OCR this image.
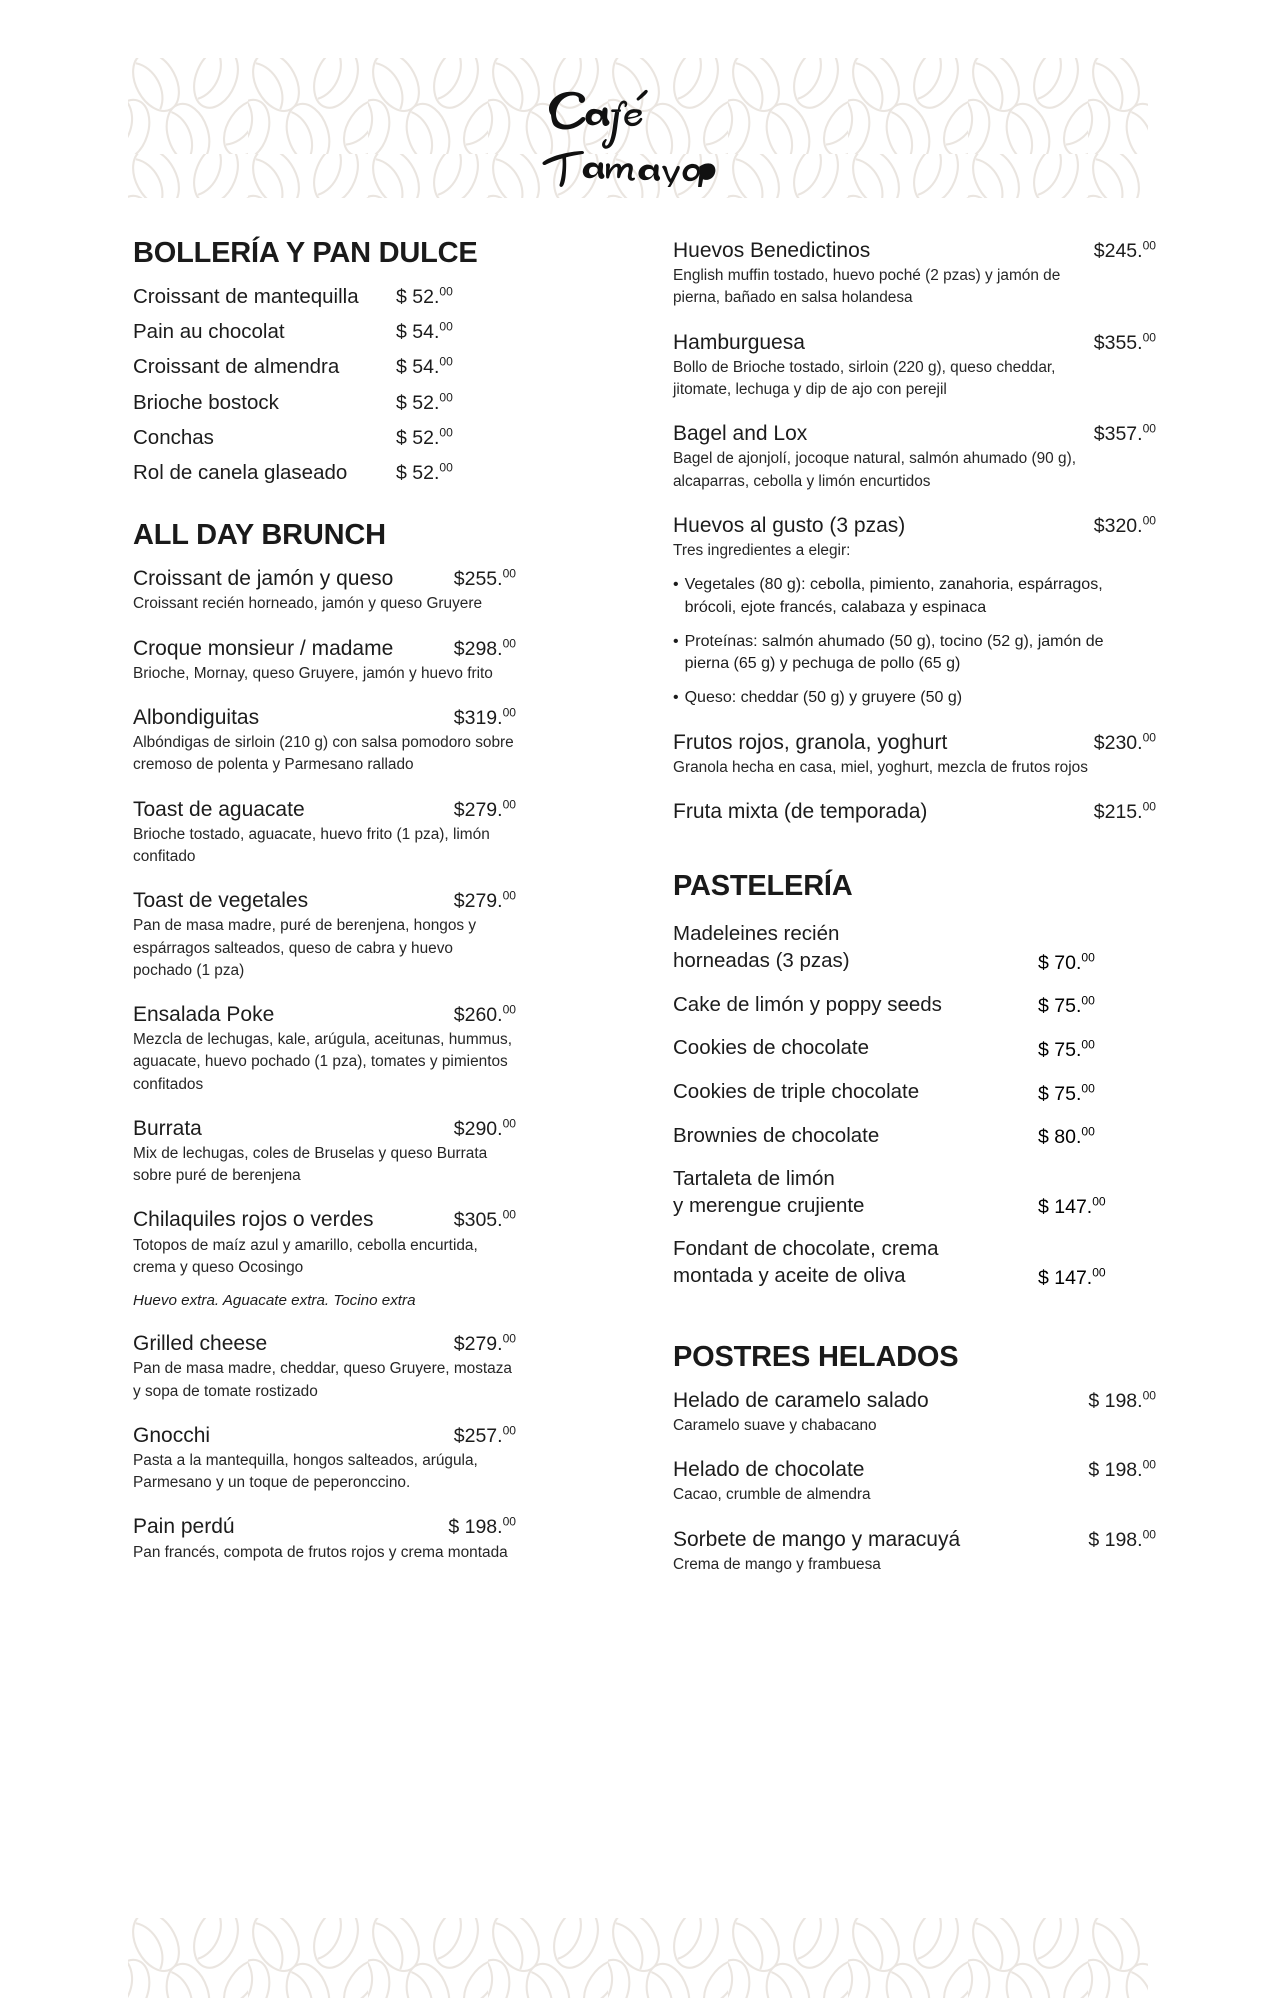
BOLLERÍA Y PAN DULCE
Croissant de mantequilla	$ 52.00
Pain au chocolat	$ 54.00
Croissant de almendra	$ 54.00
Brioche bostock	$ 52.00
Conchas	$ 52.00
Rol de canela glaseado	$ 52.00
ALL DAY BRUNCH
Croissant de jamón y queso	$255.00
Croissant recién horneado, jamón y queso Gruyere
Croque monsieur / madame	$298.00
Brioche, Mornay, queso Gruyere, jamón y huevo frito
Albondiguitas	$319.00
Albóndigas de sirloin (210 g) con salsa pomodoro sobre cremoso de polenta y Parmesano rallado
Toast de aguacate	$279.00
Brioche tostado, aguacate, huevo frito (1 pza), limón confitado
Toast de vegetales	$279.00
Pan de masa madre, puré de berenjena, hongos y espárragos salteados, queso de cabra y huevo pochado (1 pza)
Ensalada Poke	$260.00
Mezcla de lechugas, kale, arúgula, aceitunas, hummus, aguacate, huevo pochado (1 pza), tomates y pimientos confitados
Burrata	$290.00
Mix de lechugas, coles de Bruselas y queso Burrata sobre puré de berenjena
Chilaquiles rojos o verdes	$305.00
Totopos de maíz azul y amarillo, cebolla encurtida, crema y queso Ocosingo
Huevo extra. Aguacate extra. Tocino extra
Grilled cheese	$279.00
Pan de masa madre, cheddar, queso Gruyere, mostaza y sopa de tomate rostizado
Gnocchi	$257.00
Pasta a la mantequilla, hongos salteados, arúgula, Parmesano y un toque de peperonccino.
Pain perdú	$ 198.00
Pan francés, compota de frutos rojos y crema montada
Huevos Benedictinos	$245.00
English muffin tostado, huevo poché (2 pzas) y jamón de pierna, bañado en salsa holandesa
Hamburguesa	$355.00
Bollo de Brioche tostado, sirloin (220 g), queso cheddar, jitomate, lechuga y dip de ajo con perejil
Bagel and Lox	$357.00
Bagel de ajonjolí, jocoque natural, salmón ahumado (90 g), alcaparras, cebolla y limón encurtidos
Huevos al gusto (3 pzas)	$320.00
Tres ingredientes a elegir:
• Vegetales (80 g): cebolla, pimiento, zanahoria, espárragos, brócoli, ejote francés, calabaza y espinaca
• Proteínas: salmón ahumado (50 g), tocino (52 g), jamón de pierna (65 g) y pechuga de pollo (65 g)
• Queso: cheddar (50 g) y gruyere (50 g)
Frutos rojos, granola, yoghurt	$230.00
Granola hecha en casa, miel, yoghurt, mezcla de frutos rojos
Fruta mixta (de temporada)	$215.00
PASTELERÍA
Madeleines recién
horneadas (3 pzas)	$ 70.00
Cake de limón y poppy seeds	$ 75.00
Cookies de chocolate	$ 75.00
Cookies de triple chocolate	$ 75.00
Brownies de chocolate	$ 80.00
Tartaleta de limón
y merengue crujiente	$ 147.00
Fondant de chocolate, crema
montada y aceite de oliva	$ 147.00
POSTRES HELADOS
Helado de caramelo salado	$ 198.00
Caramelo suave y chabacano
Helado de chocolate	$ 198.00
Cacao, crumble de almendra
Sorbete de mango y maracuyá	$ 198.00
Crema de mango y frambuesa
